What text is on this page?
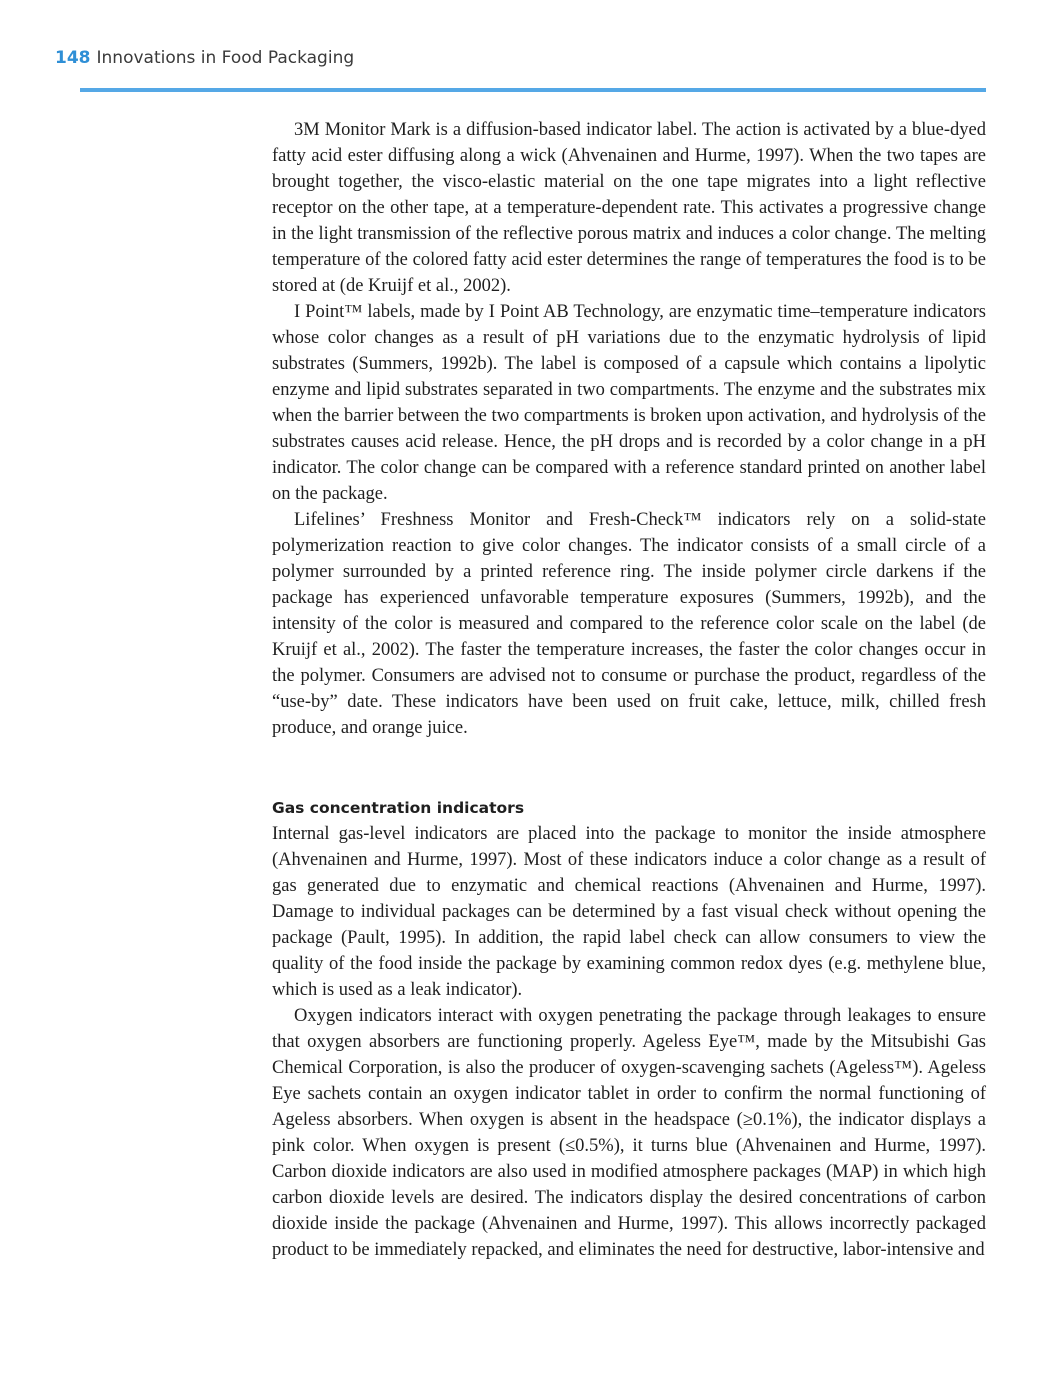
148 Innovations in Food Packaging

3M Monitor Mark is a diffusion-based indicator label. The action is activated by a blue-dyed fatty acid ester diffusing along a wick (Ahvenainen and Hurme, 1997). When the two tapes are brought together, the visco-elastic material on the one tape migrates into a light reflective receptor on the other tape, at a temperature-dependent rate. This activates a progressive change in the light transmission of the reflective porous matrix and induces a color change. The melting temperature of the colored fatty acid ester determines the range of temperatures the food is to be stored at (de Kruijf et al., 2002).

I Point™ labels, made by I Point AB Technology, are enzymatic time–temperature indicators whose color changes as a result of pH variations due to the enzymatic hydrolysis of lipid substrates (Summers, 1992b). The label is composed of a capsule which contains a lipolytic enzyme and lipid substrates separated in two compartments. The enzyme and the substrates mix when the barrier between the two compartments is broken upon activation, and hydrolysis of the substrates causes acid release. Hence, the pH drops and is recorded by a color change in a pH indicator. The color change can be compared with a reference standard printed on another label on the package.

Lifelines’ Freshness Monitor and Fresh-Check™ indicators rely on a solid-state polymerization reaction to give color changes. The indicator consists of a small circle of a polymer surrounded by a printed reference ring. The inside polymer circle darkens if the package has experienced unfavorable temperature exposures (Summers, 1992b), and the intensity of the color is measured and compared to the reference color scale on the label (de Kruijf et al., 2002). The faster the temperature increases, the faster the color changes occur in the polymer. Consumers are advised not to consume or purchase the product, regardless of the “use-by” date. These indicators have been used on fruit cake, lettuce, milk, chilled fresh produce, and orange juice.

Gas concentration indicators

Internal gas-level indicators are placed into the package to monitor the inside atmosphere (Ahvenainen and Hurme, 1997). Most of these indicators induce a color change as a result of gas generated due to enzymatic and chemical reactions (Ahvenainen and Hurme, 1997). Damage to individual packages can be determined by a fast visual check without opening the package (Pault, 1995). In addition, the rapid label check can allow consumers to view the quality of the food inside the package by examining common redox dyes (e.g. methylene blue, which is used as a leak indicator).

Oxygen indicators interact with oxygen penetrating the package through leakages to ensure that oxygen absorbers are functioning properly. Ageless Eye™, made by the Mitsubishi Gas Chemical Corporation, is also the producer of oxygen-scavenging sachets (Ageless™). Ageless Eye sachets contain an oxygen indicator tablet in order to confirm the normal functioning of Ageless absorbers. When oxygen is absent in the headspace (≥0.1%), the indicator displays a pink color. When oxygen is present (≤0.5%), it turns blue (Ahvenainen and Hurme, 1997). Carbon dioxide indicators are also used in modified atmosphere packages (MAP) in which high carbon dioxide levels are desired. The indicators display the desired concentrations of carbon dioxide inside the package (Ahvenainen and Hurme, 1997). This allows incorrectly packaged product to be immediately repacked, and eliminates the need for destructive, labor-intensive and
